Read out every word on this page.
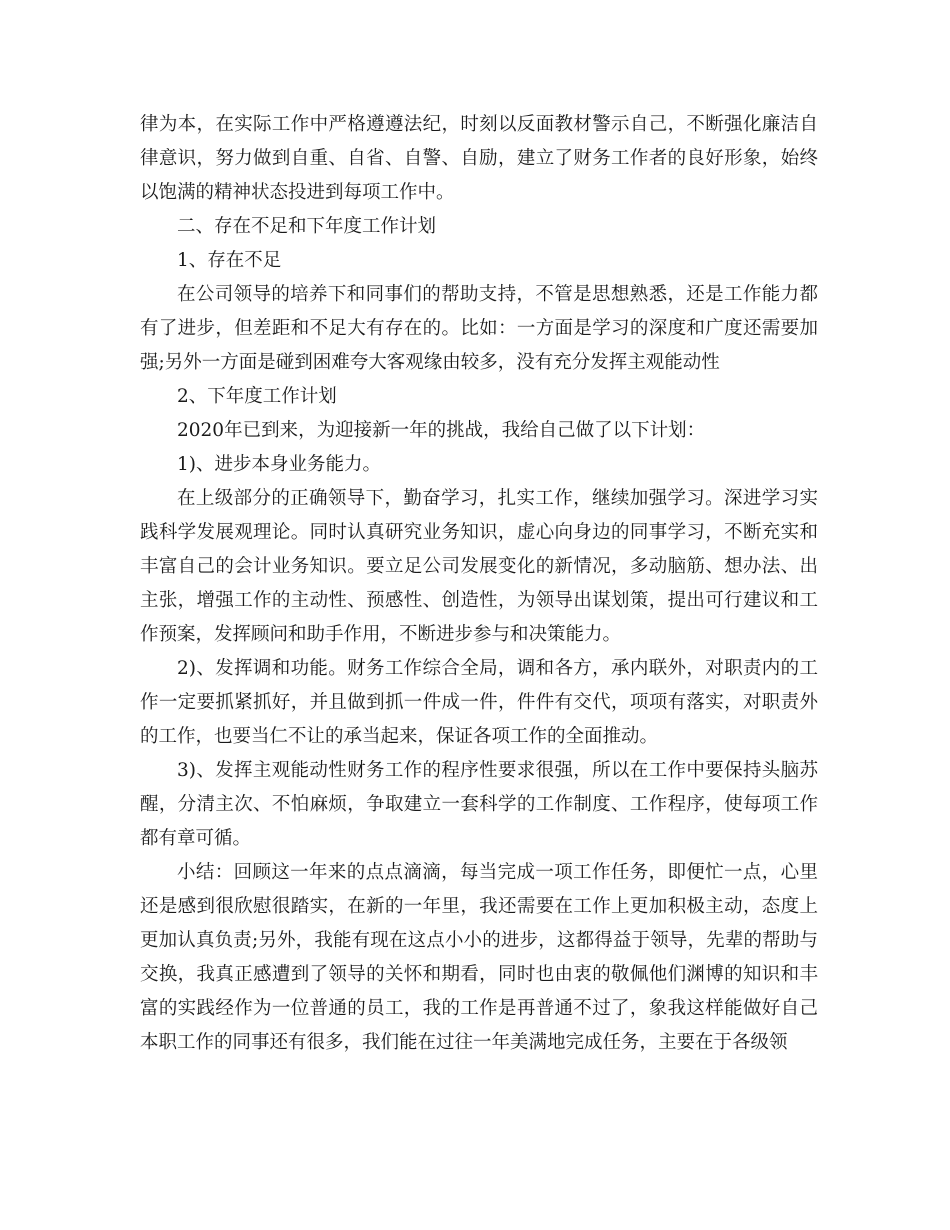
律为本，在实际工作中严格遵遵法纪，时刻以反面教材警示自己，不断强化廉洁自律意识，努力做到自重、自省、自警、自励，建立了财务工作者的良好形象，始终以饱满的精神状态投进到每项工作中。

二、存在不足和下年度工作计划

1、存在不足

在公司领导的培养下和同事们的帮助支持，不管是思想熟悉，还是工作能力都有了进步，但差距和不足大有存在的。比如：一方面是学习的深度和广度还需要加强;另外一方面是碰到困难夸大客观缘由较多，没有充分发挥主观能动性

2、下年度工作计划

2020年已到来，为迎接新一年的挑战，我给自己做了以下计划：

1)、进步本身业务能力。

在上级部分的正确领导下，勤奋学习，扎实工作，继续加强学习。深进学习实践科学发展观理论。同时认真研究业务知识，虚心向身边的同事学习，不断充实和丰富自己的会计业务知识。要立足公司发展变化的新情况，多动脑筋、想办法、出主张，增强工作的主动性、预感性、创造性，为领导出谋划策，提出可行建议和工作预案，发挥顾问和助手作用，不断进步参与和决策能力。

2)、发挥调和功能。财务工作综合全局，调和各方，承内联外，对职责内的工作一定要抓紧抓好，并且做到抓一件成一件，件件有交代，项项有落实，对职责外的工作，也要当仁不让的承当起来，保证各项工作的全面推动。

3)、发挥主观能动性财务工作的程序性要求很强，所以在工作中要保持头脑苏醒，分清主次、不怕麻烦，争取建立一套科学的工作制度、工作程序，使每项工作都有章可循。

小结：回顾这一年来的点点滴滴，每当完成一项工作任务，即便忙一点，心里还是感到很欣慰很踏实，在新的一年里，我还需要在工作上更加积极主动，态度上更加认真负责;另外，我能有现在这点小小的进步，这都得益于领导，先辈的帮助与交换，我真正感遭到了领导的关怀和期看，同时也由衷的敬佩他们渊博的知识和丰富的实践经作为一位普通的员工，我的工作是再普通不过了，象我这样能做好自己本职工作的同事还有很多，我们能在过往一年美满地完成任务，主要在于各级领
